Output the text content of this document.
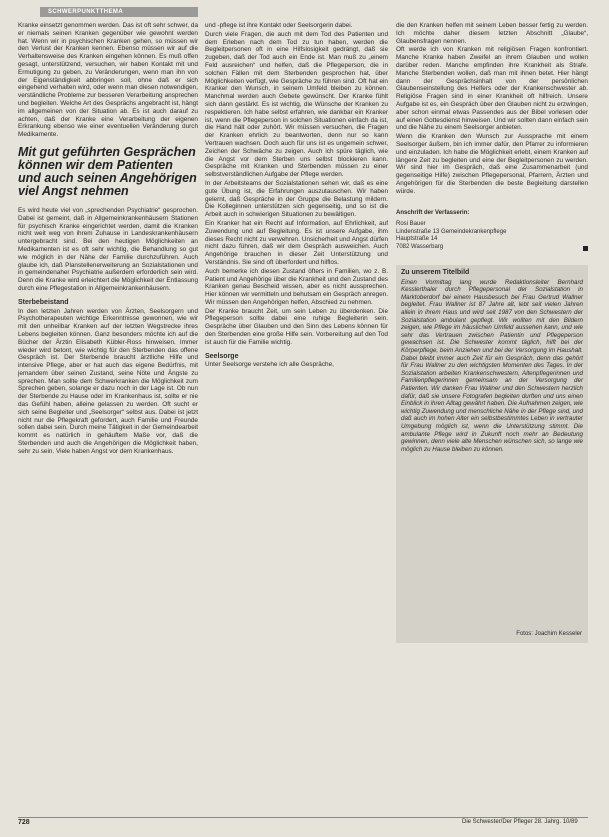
SCHWERPUNKTTHEMA

Kranke einsetzt genommen werden. Das ist oft sehr schwer, da er niemals seinen Kranken gegenüber wie gewohnt werden hat. Wenn wir in psychischen Kranken gehen, so müssen wir den Verlust der Kranken kennen. Ebenso müssen wir auf die Verhaltensweise des Kranken eingehen können. Es muß offen gesagt, unterstützend, versuchen, wir haben Kontakt mit und Ermutigung zu geben, zu Veränderungen, wenn man ihn von der Eigenständigkeit abbringen soll, ohne daß er sich eingehend verhalten wird, oder wenn man diesen notwendigen, verständliche Probleme zur besseren Verarbeitung ansprechen und begleiten. Welche Art des Gesprächs angebracht ist, hängt im allgemeinen von der Situation ab. Es ist auch darauf zu achten, daß der Kranke eine Verarbeitung der eigenen Erkrankung ebenso wie einer eventuellen Veränderung durch Medikamente.

Mit gut geführten Gesprächen können wir dem Patienten und auch seinen Angehörigen viel Angst nehmen

Es wird heute viel von „sprechenden Psychiatrie“ gesprochen. Dabei ist gemeint, daß in Allgemeinkrankenhäusern Stationen für psychisch Kranke eingerichtet werden, damit die Kranken nicht weit weg von ihrem Zuhause in Landeskrankenhäusern untergebracht sind. Bei den heutigen Möglichkeiten an Medikamenten ist es oft sehr wichtig, die Behandlung so gut wie möglich in der Nähe der Familie durchzuführen. Auch glaube ich, daß Planstellenerweiterung an Sozialstationen und in gemeindenaher Psychiatrie außerdem erforderlich sein wird. Denn die Kranke wird erleichtert die Möglichkeit der Entlassung durch eine Pflegestation in Allgemeinkrankenhäusern.

Sterbebeistand

In den letzten Jahren werden von Ärzten, Seelsorgern und Psychotherapeuten wichtige Erkenntnisse gewonnen, wie wir mit den unheilbar Kranken auf der letzten Wegstrecke ihres Lebens begleiten können. Ganz besonders möchte ich auf die Bücher der Ärztin Elisabeth Kübler-Ross hinweisen. Immer wieder wird betont, wie wichtig für den Sterbenden das offene Gespräch ist. Der Sterbende braucht ärztliche Hilfe und intensive Pflege, aber er hat auch das eigene Bedürfnis, mit jemandem über seinen Zustand, seine Nöte und Ängste zu sprechen. Man sollte dem Schwerkranken die Möglichkeit zum Sprechen geben, solange er dazu noch in der Lage ist. Ob nun der Sterbende zu Hause oder im Krankenhaus ist, sollte er nie das Gefühl haben, alleine gelassen zu werden. Oft sucht er sich seine Begleiter und „Seelsorger“ selbst aus. Dabei ist jetzt nicht nur die Pflegekraft gefordert, auch Familie und Freunde sollen dabei sein. Durch meine Tätigkeit in der Gemeindearbeit kommt es natürlich in gehäuftem Maße vor, daß die Sterbenden und auch die Angehörigen die Möglichkeit haben, sehr zu sein. Viele haben Angst vor dem Krankenhaus.

und -pflege ist ihre Kontakt oder Seelsorgerin dabei.

Durch viele Fragen, die auch mit dem Tod des Patienten und dem Erleben nach dem Tod zu tun haben, werden die Begleitpersonen oft in eine Hilfslosigkeit gedrängt, daß sie zugeben, daß der Tod auch ein Ende ist. Man muß zu „einem Feld ausreichen“ und helfen, daß die Pflegeperson, die in solchen Fällen mit dem Sterbenden gesprochen hat, über Möglichkeiten verfügt, wie Gespräche zu führen sind. Oft hat ein Kranker den Wunsch, in seinem Umfeld bleiben zu können. Manchmal werden auch Gebete gewünscht. Der Kranke fühlt sich dann gestärkt. Es ist wichtig, die Wünsche der Kranken zu respektieren. Ich habe selbst erfahren, wie dankbar ein Kranker ist, wenn die Pflegeperson in solchen Situationen einfach da ist, die Hand hält oder zuhört. Wir müssen versuchen, die Fragen der Kranken ehrlich zu beantworten, denn nur so kann Vertrauen wachsen. Doch auch für uns ist es ungemein schwer, Zeichen der Schwäche zu zeigen. Auch ich spüre täglich, wie die Angst vor dem Sterben uns selbst blockieren kann. Gespräche mit Kranken und Sterbenden müssen zu einer selbstverständlichen Aufgabe der Pflege werden.

In der Arbeitsteams der Sozialstationen sehen wir, daß es eine gute Übung ist, die Erfahrungen auszutauschen. Wir haben gelernt, daß Gespräche in der Gruppe die Belastung mildern. Die Kolleginnen unterstützen sich gegenseitig, und so ist die Arbeit auch in schwierigen Situationen zu bewältigen.

Ein Kranker hat ein Recht auf Information, auf Ehrlichkeit, auf Zuwendung und auf Begleitung. Es ist unsere Aufgabe, ihm dieses Recht nicht zu verwehren. Unsicherheit und Angst dürfen nicht dazu führen, daß wir dem Gespräch ausweichen. Auch Angehörige brauchen in dieser Zeit Unterstützung und Verständnis. Sie sind oft überfordert und hilflos.

Auch bemerke ich diesen Zustand öfters in Familien, wo z. B. Patient und Angehörige über die Krankheit und den Zustand des Kranken genau Bescheid wissen, aber es nicht aussprechen. Hier können wir vermitteln und behutsam ein Gespräch anregen. Wir müssen den Angehörigen helfen, Abschied zu nehmen.

Der Kranke braucht Zeit, um sein Leben zu überdenken. Die Pflegeperson sollte dabei eine ruhige Begleiterin sein. Gespräche über Glauben und den Sinn des Lebens können für den Sterbenden eine große Hilfe sein. Vorbereitung auf den Tod ist auch für die Familie wichtig.

Seelsorge

Unter Seelsorge verstehe ich alle Gespräche,

die den Kranken helfen mit seinem Leben besser fertig zu werden. Ich möchte daher diesem letzten Abschnitt „Glaube“, Glaubensfragen nennen.

Oft werde ich von Kranken mit religiösen Fragen konfrontiert. Manche Kranke haben Zweifel an ihrem Glauben und wollen darüber reden. Manche empfinden ihre Krankheit als Strafe. Manche Sterbenden wollen, daß man mit ihnen betet. Hier hängt dann der Gesprächsinhalt von der persönlichen Glaubenseinstellung des Helfers oder der Krankenschwester ab. Religiöse Fragen sind in einer Krankheit oft hilfreich. Unsere Aufgabe ist es, ein Gespräch über den Glauben nicht zu erzwingen, aber schon einmal etwas Passendes aus der Bibel vorlesen oder auf einen Gottesdienst hinweisen. Und wir sollten dann einfach sein und die Nähe zu einem Seelsorger anbieten.

Wenn die Kranken den Wunsch zur Aussprache mit einem Seelsorger äußern, bin ich immer dafür, den Pfarrer zu informieren und einzuladen. Ich habe die Möglichkeit erlebt, einem Kranken auf längere Zeit zu begleiten und eine der Begleitpersonen zu werden. Wir sind hier im Gespräch, daß eine Zusammenarbeit (und gegenseitige Hilfe) zwischen Pflegepersonal, Pfarrern, Ärzten und Angehörigen für die Sterbenden die beste Begleitung darstellen würde.

Anschrift der Verfasserin:
Rosi Bauer
Lindenstraße 13 Gemeindekrankenpflege
Hauptstraße 14
7082 Wasserbarg
Zu unserem Titelbild
Einen Vormittag lang wurde Redaktionsleiter Bernhard Kesslerthaler durch Pflegepersonal der Sozialstation in Marktoberdorf bei einem Hausbesuch bei Frau Gertrud Wallner begleitet. Frau Wallner ist 87 Jahre alt, lebt seit vielen Jahren allein in ihrem Haus und wird seit 1987 von den Schwestern der Sozialstation ambulant gepflegt. Wir wollten mit den Bildern zeigen, wie Pflege im häuslichen Umfeld aussehen kann, und wie sehr das Vertrauen zwischen Patientin und Pflegeperson gewachsen ist. Die Schwester kommt täglich, hilft bei der Körperpflege, beim Anziehen und bei der Versorgung im Haushalt. Dabei bleibt immer auch Zeit für ein Gespräch, denn das gehört für Frau Wallner zu den wichtigsten Momenten des Tages. In der Sozialstation arbeiten Krankenschwestern, Altenpflegerinnen und Familienpflegerinnen gemeinsam an der Versorgung der Patienten. Wir danken Frau Wallner und den Schwestern herzlich dafür, daß sie unsere Fotografen begleiten durften und uns einen Einblick in ihren Alltag gewährt haben. Die Aufnahmen zeigen, wie wichtig Zuwendung und menschliche Nähe in der Pflege sind, und daß auch im hohen Alter ein selbstbestimmtes Leben in vertrauter Umgebung möglich ist, wenn die Unterstützung stimmt. Die ambulante Pflege wird in Zukunft noch mehr an Bedeutung gewinnen, denn viele alte Menschen wünschen sich, so lange wie möglich zu Hause bleiben zu können.
Fotos: Joachim Kesseler
728	Die Schwester/Der Pfleger 28. Jahrg. 10/89
